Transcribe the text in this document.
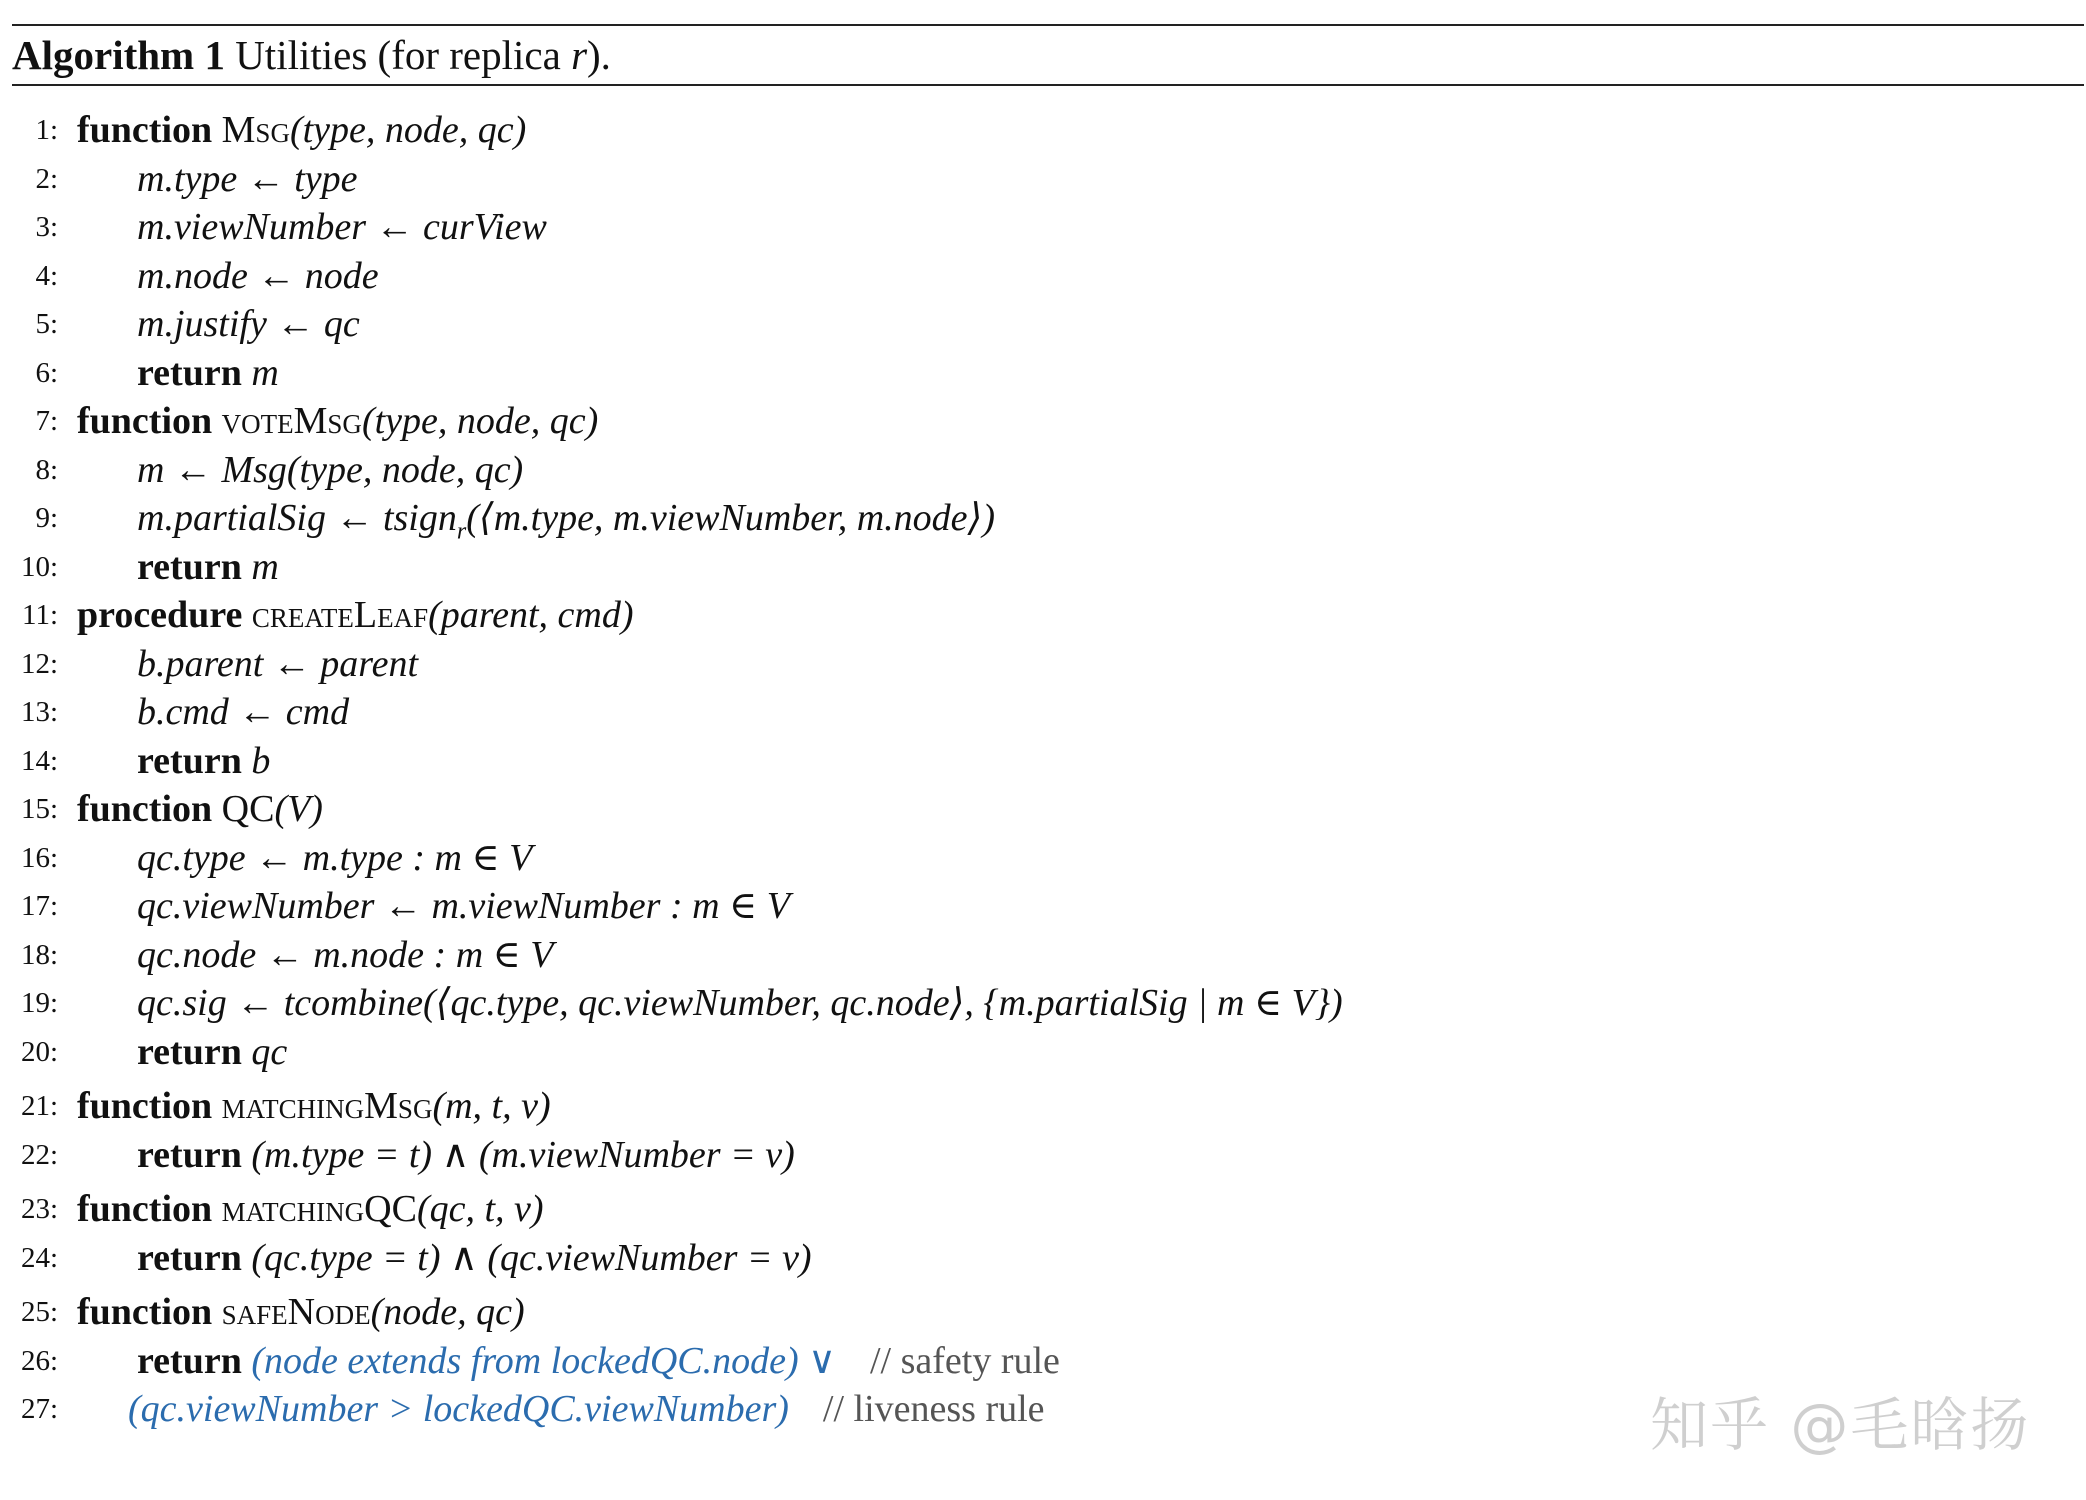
Algorithm 1 Utilities (for replica r).
1: function Msg(type, node, qc)
2: m.type ← type
3: m.viewNumber ← curView
4: m.node ← node
5: m.justify ← qc
6: return m
7: function voteMsg(type, node, qc)
8: m ← Msg(type, node, qc)
9: m.partialSig ← tsign$_r$(⟨m.type, m.viewNumber, m.node⟩)
10: return m
11: procedure createLeaf(parent, cmd)
12: b.parent ← parent
13: b.cmd ← cmd
14: return b
15: function QC(V)
16: qc.type ← m.type : m ∈ V
17: qc.viewNumber ← m.viewNumber : m ∈ V
18: qc.node ← m.node : m ∈ V
19: qc.sig ← tcombine(⟨qc.type, qc.viewNumber, qc.node⟩, {m.partialSig | m ∈ V})
20: return qc
21: function matchingMsg(m, t, v)
22: return (m.type = t) ∧ (m.viewNumber = v)
23: function matchingQC(qc, t, v)
24: return (qc.type = t) ∧ (qc.viewNumber = v)
25: function safeNode(node, qc)
26: return (node extends from lockedQC.node) ∨ // safety rule
27: (qc.viewNumber > lockedQC.viewNumber) // liveness rule	知乎 @毛晗扬
